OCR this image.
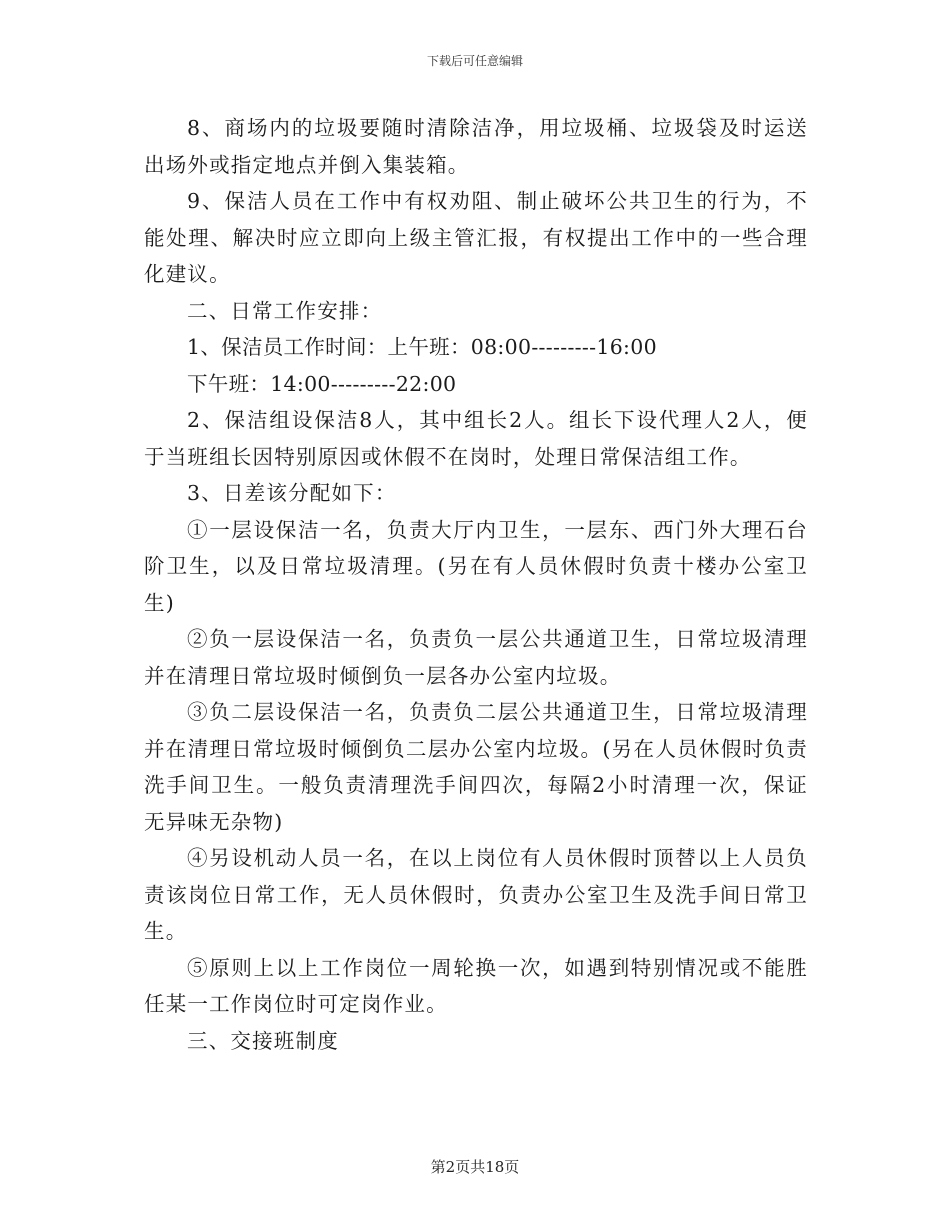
下载后可任意编辑

8、商场内的垃圾要随时清除洁净，用垃圾桶、垃圾袋及时运送出场外或指定地点并倒入集装箱。

9、保洁人员在工作中有权劝阻、制止破坏公共卫生的行为，不能处理、解决时应立即向上级主管汇报，有权提出工作中的一些合理化建议。

二、日常工作安排：

1、保洁员工作时间：上午班：08:00---------16:00

下午班：14:00---------22:00

2、保洁组设保洁8人，其中组长2人。组长下设代理人2人，便于当班组长因特别原因或休假不在岗时，处理日常保洁组工作。

3、日差该分配如下：

①一层设保洁一名，负责大厅内卫生，一层东、西门外大理石台阶卫生，以及日常垃圾清理。(另在有人员休假时负责十楼办公室卫生)

②负一层设保洁一名，负责负一层公共通道卫生，日常垃圾清理并在清理日常垃圾时倾倒负一层各办公室内垃圾。

③负二层设保洁一名，负责负二层公共通道卫生，日常垃圾清理并在清理日常垃圾时倾倒负二层办公室内垃圾。(另在人员休假时负责洗手间卫生。一般负责清理洗手间四次，每隔2小时清理一次，保证无异味无杂物)

④另设机动人员一名，在以上岗位有人员休假时顶替以上人员负责该岗位日常工作，无人员休假时，负责办公室卫生及洗手间日常卫生。

⑤原则上以上工作岗位一周轮换一次，如遇到特别情况或不能胜任某一工作岗位时可定岗作业。

三、交接班制度

第2页共18页
